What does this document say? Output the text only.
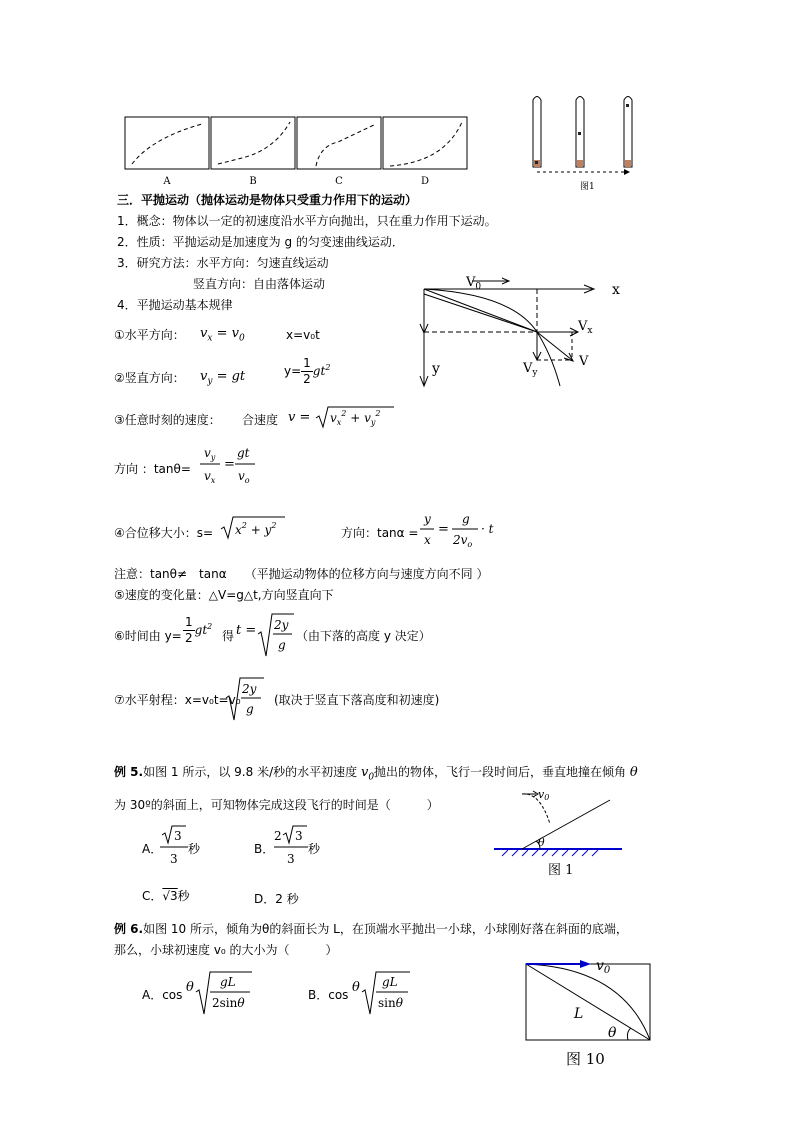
A	B	C	D	图1
三．平抛运动（抛体运动是物体只受重力作用下的运动）
1．概念：物体以一定的初速度沿水平方向抛出，只在重力作用下运动。
2．性质：平抛运动是加速度为 g 的匀变速曲线运动．
3．研究方法：水平方向：匀速直线运动
竖直方向：自由落体运动
4．平抛运动基本规律
$V_0$	x
y
$V_x$
$V_y$
V
①水平方向： $v_x = v_0$	x=v₀t
②竖直方向： $v_y$ = gt	$y= \frac{1}{2} gt^2$
③任意时刻的速度： 合速度 $v = v_x^2 + v_y^2$
方向 ：tanθ=
$v_y$
$v_x$
=
gt
$v_o$
④合位移大小：$s= x^2 + y^2$
方向：tanα =
y
x
=
g
$2v_o$
· t
注意：tanθ≠　tanα　　（平抛运动物体的位移方向与速度方向不同 ）
⑤速度的变化量：△V=g△t,方向竖直向下
⑥时间由 $y= \frac{1}{2} gt^2$
得 t = 2y
g
（由下落的高度 y 决定）
⑦水平射程：x=v₀t=v₀
2y
g
(取决于竖直下落高度和初速度)
例 5.如图 1 所示，以 9.8 米/秒的水平初速度 $v_0$抛出的物体，飞行一段时间后，垂直地撞在倾角 θ
为 30º的斜面上，可知物体完成这段飞行的时间是（　　　）
A．
3
3
秒	B．
2 3
3
秒
C．√3秒	D．2 秒
θ
v0
图 1
例 6.如图 10 所示，倾角为θ的斜面长为 L，在顶端水平抛出一小球，小球刚好落在斜面的底端，
那么，小球初速度 v₀ 的大小为（　　　）
A．cos θ gL
2sinθ
B．cos θ gL
sinθ
$v_0$
L
θ
图 10
